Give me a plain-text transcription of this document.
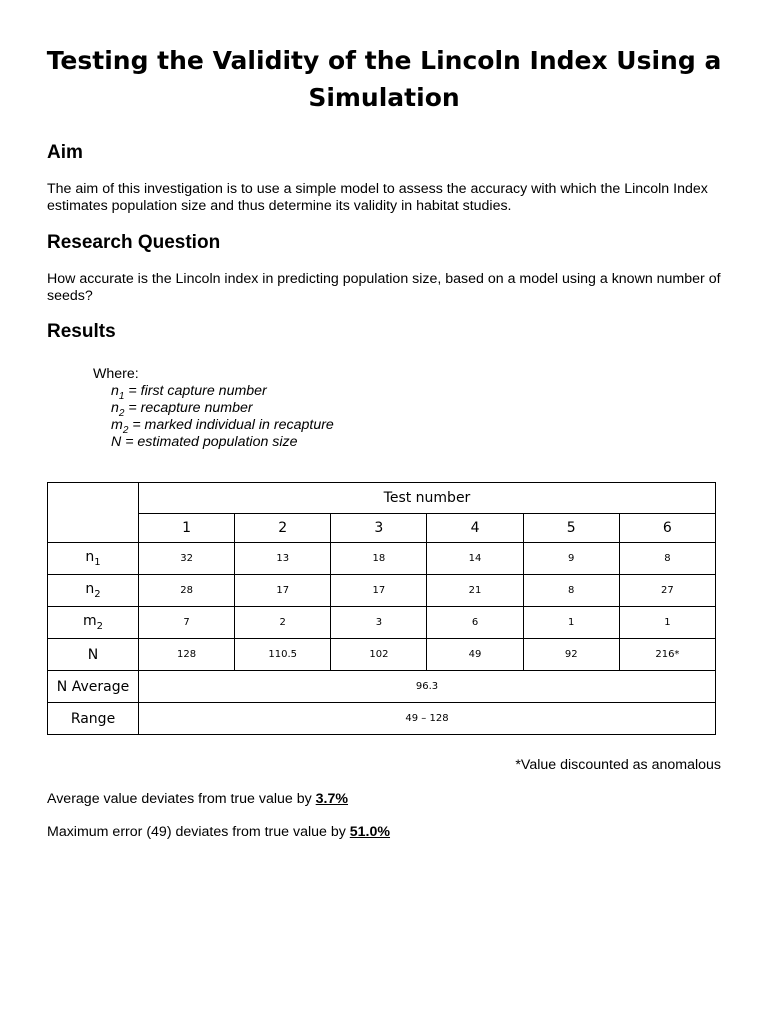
Testing the Validity of the Lincoln Index Using a Simulation
Aim

The aim of this investigation is to use a simple model to assess the accuracy with which the Lincoln Index estimates population size and thus determine its validity in habitat studies.

Research Question

How accurate is the Lincoln index in predicting population size, based on a model using a known number of seeds?

Results
Where:
$n_1$ = first capture number
$n_2$ = recapture number
$m_2$ = marked individual in recapture
N = estimated population size
	Test number					
	1	2	3	4	5	6
$n_1$	32	13	18	14	9	8
$n_2$	28	17	17	21	8	27
$m_2$	7	2	3	6	1	1
N	128	110.5	102	49	92	216*
N Average	96.3					
Range	49 – 128					

*Value discounted as anomalous

Average value deviates from true value by 3.7%

Maximum error (49) deviates from true value by 51.0%
